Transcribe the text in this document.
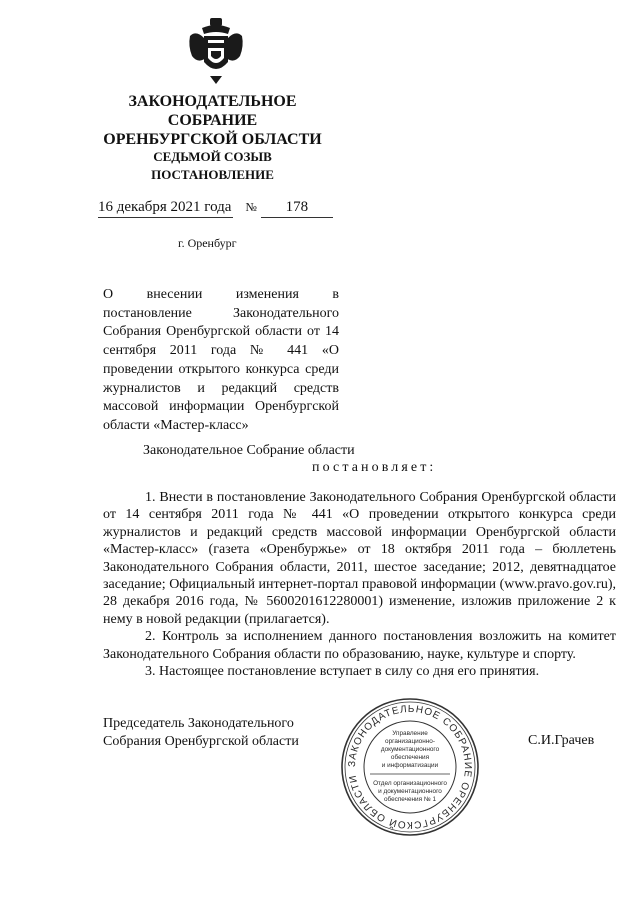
ЗАКОНОДАТЕЛЬНОЕ
СОБРАНИЕ
ОРЕНБУРГСКОЙ ОБЛАСТИ
СЕДЬМОЙ СОЗЫВ
ПОСТАНОВЛЕНИЕ
16 декабря 2021 года № 178
г. Оренбург
О внесении изменения в постановление Законодательного Собрания Оренбургской области от 14 сентября 2011 года № 441 «О проведении открытого конкурса среди журналистов и редакций средств массовой информации Оренбургской области «Мастер-класс»
Законодательное Собрание области
постановляет:

1. Внести в постановление Законодательного Собрания Оренбургской области от 14 сентября 2011 года № 441 «О проведении открытого конкурса среди журналистов и редакций средств массовой информации Оренбургской области «Мастер-класс» (газета «Оренбуржье» от 18 октября 2011 года – бюллетень Законодательного Собрания области, 2011, шестое заседание; 2012, девятнадцатое заседание; Официальный интернет-портал правовой информации (www.pravo.gov.ru), 28 декабря 2016 года, № 5600201612280001) изменение, изложив приложение 2 к нему в новой редакции (прилагается).

2. Контроль за исполнением данного постановления возложить на комитет Законодательного Собрания области по образованию, науке, культуре и спорту.

3. Настоящее постановление вступает в силу со дня его принятия.

Председатель Законодательного
Собрания Оренбургской области	С.И.Грачев
ЗАКОНОДАТЕЛЬНОЕ СОБРАНИЕ ОРЕНБУРГСКОЙ ОБЛАСТИ
Управление
организационно-
документационного
обеспечения
и информатизации
Отдел организационного
и документационного
обеспечения № 1
